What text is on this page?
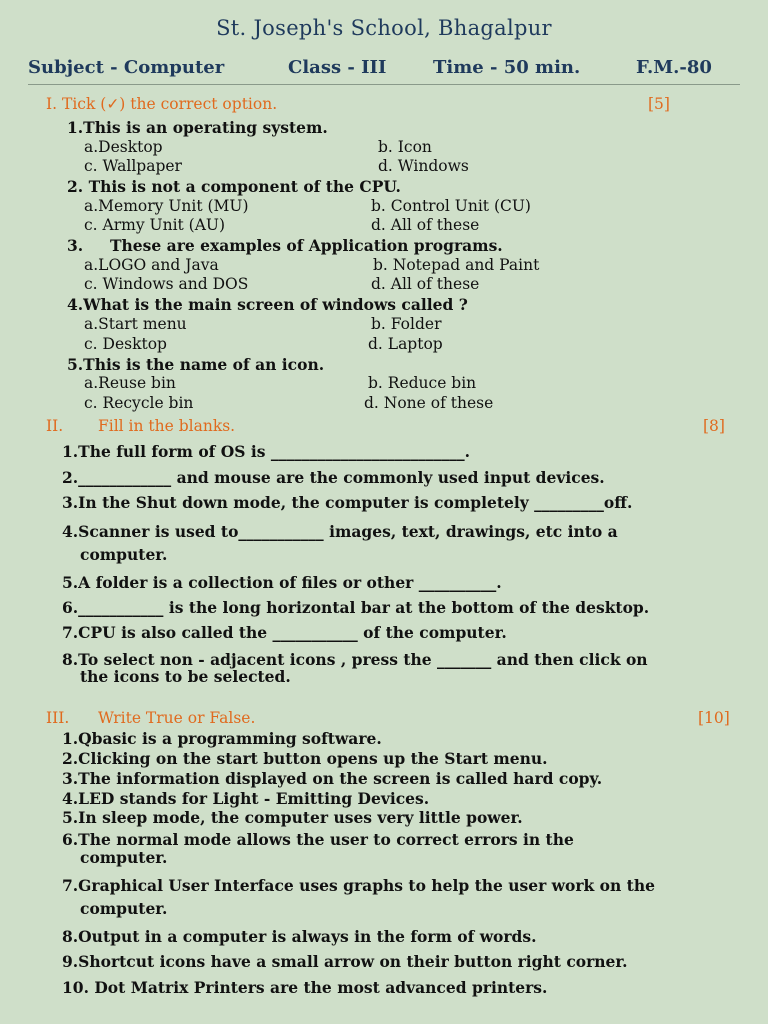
St. Joseph's School, Bhagalpur
Subject - Computer	Class - III	Time - 50 min.	F.M.-80
I. Tick (✓) the correct option.	[5]
1.This is an operating system.
a.Desktop	b. Icon
c. Wallpaper	d. Windows
2. This is not a component of the CPU.
a.Memory Unit (MU)	b. Control Unit (CU)
c. Army Unit (AU)	d. All of these
3. These are examples of Application programs.
a.LOGO and Java	b. Notepad and Paint
c. Windows and DOS	d. All of these
4.What is the main screen of windows called ?
a.Start menu	b. Folder
c. Desktop	d. Laptop
5.This is the name of an icon.
a.Reuse bin	b. Reduce bin
c. Recycle bin	d. None of these
II. Fill in the blanks.	[8]
1.The full form of OS is _________________________.
2.____________ and mouse are the commonly used input devices.
3.In the Shut down mode, the computer is completely _________off.
4.Scanner is used to___________ images, text, drawings, etc into a
computer.
5.A folder is a collection of files or other __________.
6.___________ is the long horizontal bar at the bottom of the desktop.
7.CPU is also called the ___________ of the computer.
8.To select non - adjacent icons , press the _______ and then click on
the icons to be selected.
III. Write True or False.	[10]
1.Qbasic is a programming software.
2.Clicking on the start button opens up the Start menu.
3.The information displayed on the screen is called hard copy.
4.LED stands for Light - Emitting Devices.
5.In sleep mode, the computer uses very little power.
6.The normal mode allows the user to correct errors in the
computer.
7.Graphical User Interface uses graphs to help the user work on the
computer.
8.Output in a computer is always in the form of words.
9.Shortcut icons have a small arrow on their button right corner.
10. Dot Matrix Printers are the most advanced printers.
